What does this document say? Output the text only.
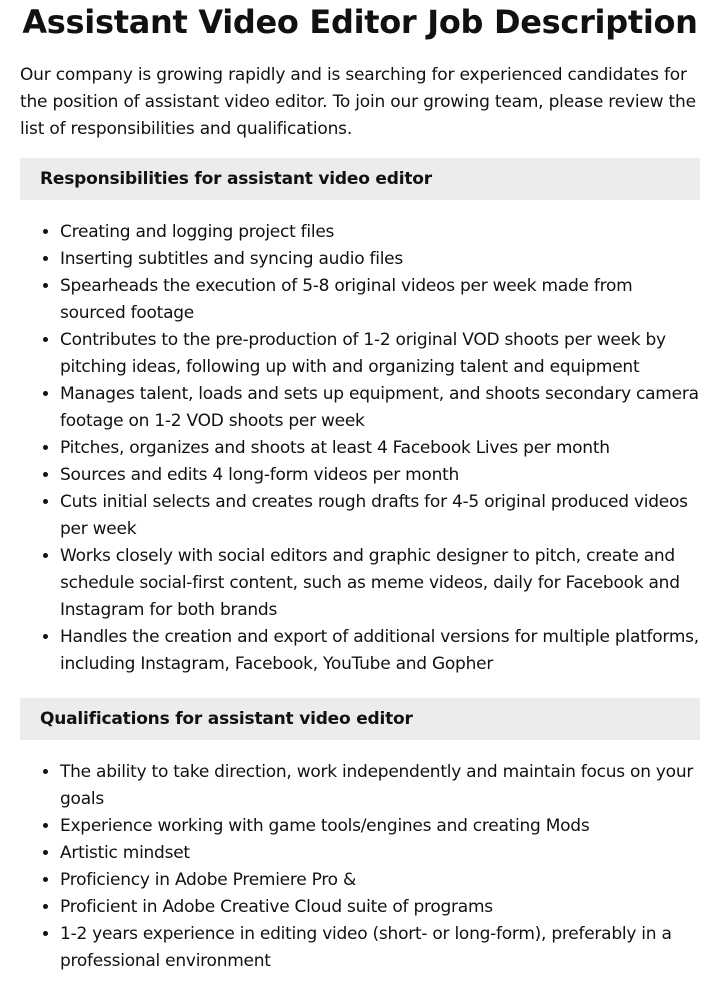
Assistant Video Editor Job Description

Our company is growing rapidly and is searching for experienced candidates for the position of assistant video editor. To join our growing team, please review the list of responsibilities and qualifications.

Responsibilities for assistant video editor
• Creating and logging project files
• Inserting subtitles and syncing audio files
• Spearheads the execution of 5-8 original videos per week made from sourced footage
• Contributes to the pre-production of 1-2 original VOD shoots per week by pitching ideas, following up with and organizing talent and equipment
• Manages talent, loads and sets up equipment, and shoots secondary camera footage on 1-2 VOD shoots per week
• Pitches, organizes and shoots at least 4 Facebook Lives per month
• Sources and edits 4 long-form videos per month
• Cuts initial selects and creates rough drafts for 4-5 original produced videos per week
• Works closely with social editors and graphic designer to pitch, create and schedule social-first content, such as meme videos, daily for Facebook and Instagram for both brands
• Handles the creation and export of additional versions for multiple platforms, including Instagram, Facebook, YouTube and Gopher
Qualifications for assistant video editor
• The ability to take direction, work independently and maintain focus on your goals
• Experience working with game tools/engines and creating Mods
• Artistic mindset
• Proficiency in Adobe Premiere Pro &
• Proficient in Adobe Creative Cloud suite of programs
• 1-2 years experience in editing video (short- or long-form), preferably in a professional environment
